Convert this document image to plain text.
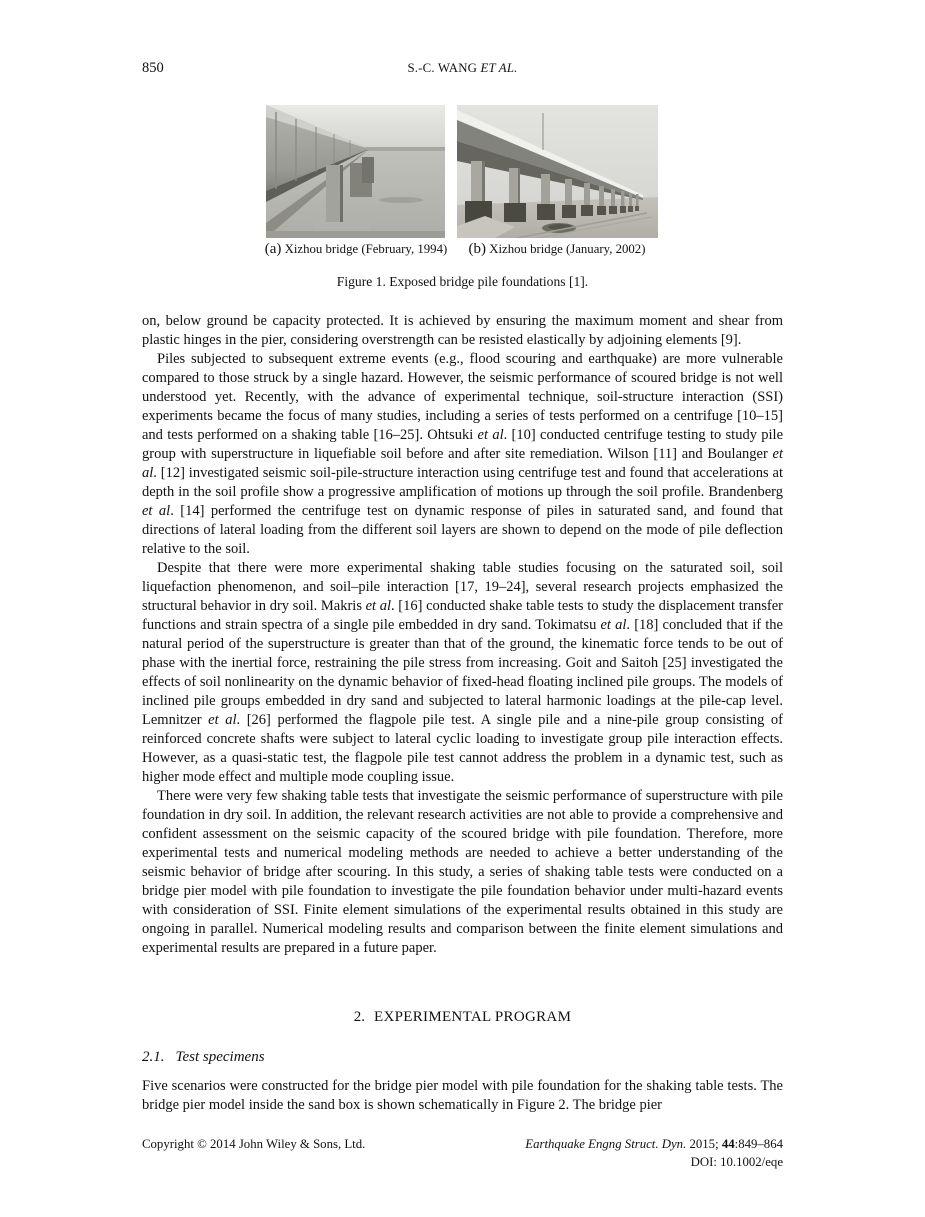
850	S.-C. WANG ET AL.
(a) Xizhou bridge (February, 1994)	(b) Xizhou bridge (January, 2002)
Figure 1. Exposed bridge pile foundations [1].

on, below ground be capacity protected. It is achieved by ensuring the maximum moment and shear from plastic hinges in the pier, considering overstrength can be resisted elastically by adjoining elements [9].

Piles subjected to subsequent extreme events (e.g., flood scouring and earthquake) are more vulnerable compared to those struck by a single hazard. However, the seismic performance of scoured bridge is not well understood yet. Recently, with the advance of experimental technique, soil-structure interaction (SSI) experiments became the focus of many studies, including a series of tests performed on a centrifuge [10–15] and tests performed on a shaking table [16–25]. Ohtsuki et al. [10] conducted centrifuge testing to study pile group with superstructure in liquefiable soil before and after site remediation. Wilson [11] and Boulanger et al. [12] investigated seismic soil-pile-structure interaction using centrifuge test and found that accelerations at depth in the soil profile show a progressive amplification of motions up through the soil profile. Brandenberg et al. [14] performed the centrifuge test on dynamic response of piles in saturated sand, and found that directions of lateral loading from the different soil layers are shown to depend on the mode of pile deflection relative to the soil.

Despite that there were more experimental shaking table studies focusing on the saturated soil, soil liquefaction phenomenon, and soil–pile interaction [17, 19–24], several research projects emphasized the structural behavior in dry soil. Makris et al. [16] conducted shake table tests to study the displacement transfer functions and strain spectra of a single pile embedded in dry sand. Tokimatsu et al. [18] concluded that if the natural period of the superstructure is greater than that of the ground, the kinematic force tends to be out of phase with the inertial force, restraining the pile stress from increasing. Goit and Saitoh [25] investigated the effects of soil nonlinearity on the dynamic behavior of fixed-head floating inclined pile groups. The models of inclined pile groups embedded in dry sand and subjected to lateral harmonic loadings at the pile-cap level. Lemnitzer et al. [26] performed the flagpole pile test. A single pile and a nine-pile group consisting of reinforced concrete shafts were subject to lateral cyclic loading to investigate group pile interaction effects. However, as a quasi-static test, the flagpole pile test cannot address the problem in a dynamic test, such as higher mode effect and multiple mode coupling issue.

There were very few shaking table tests that investigate the seismic performance of superstructure with pile foundation in dry soil. In addition, the relevant research activities are not able to provide a comprehensive and confident assessment on the seismic capacity of the scoured bridge with pile foundation. Therefore, more experimental tests and numerical modeling methods are needed to achieve a better understanding of the seismic behavior of bridge after scouring. In this study, a series of shaking table tests were conducted on a bridge pier model with pile foundation to investigate the pile foundation behavior under multi-hazard events with consideration of SSI. Finite element simulations of the experimental results obtained in this study are ongoing in parallel. Numerical modeling results and comparison between the finite element simulations and experimental results are prepared in a future paper.

2. EXPERIMENTAL PROGRAM
2.1. Test specimens

Five scenarios were constructed for the bridge pier model with pile foundation for the shaking table tests. The bridge pier model inside the sand box is shown schematically in Figure 2. The bridge pier

Copyright © 2014 John Wiley & Sons, Ltd.	Earthquake Engng Struct. Dyn. 2015; 44:849–864
DOI: 10.1002/eqe
